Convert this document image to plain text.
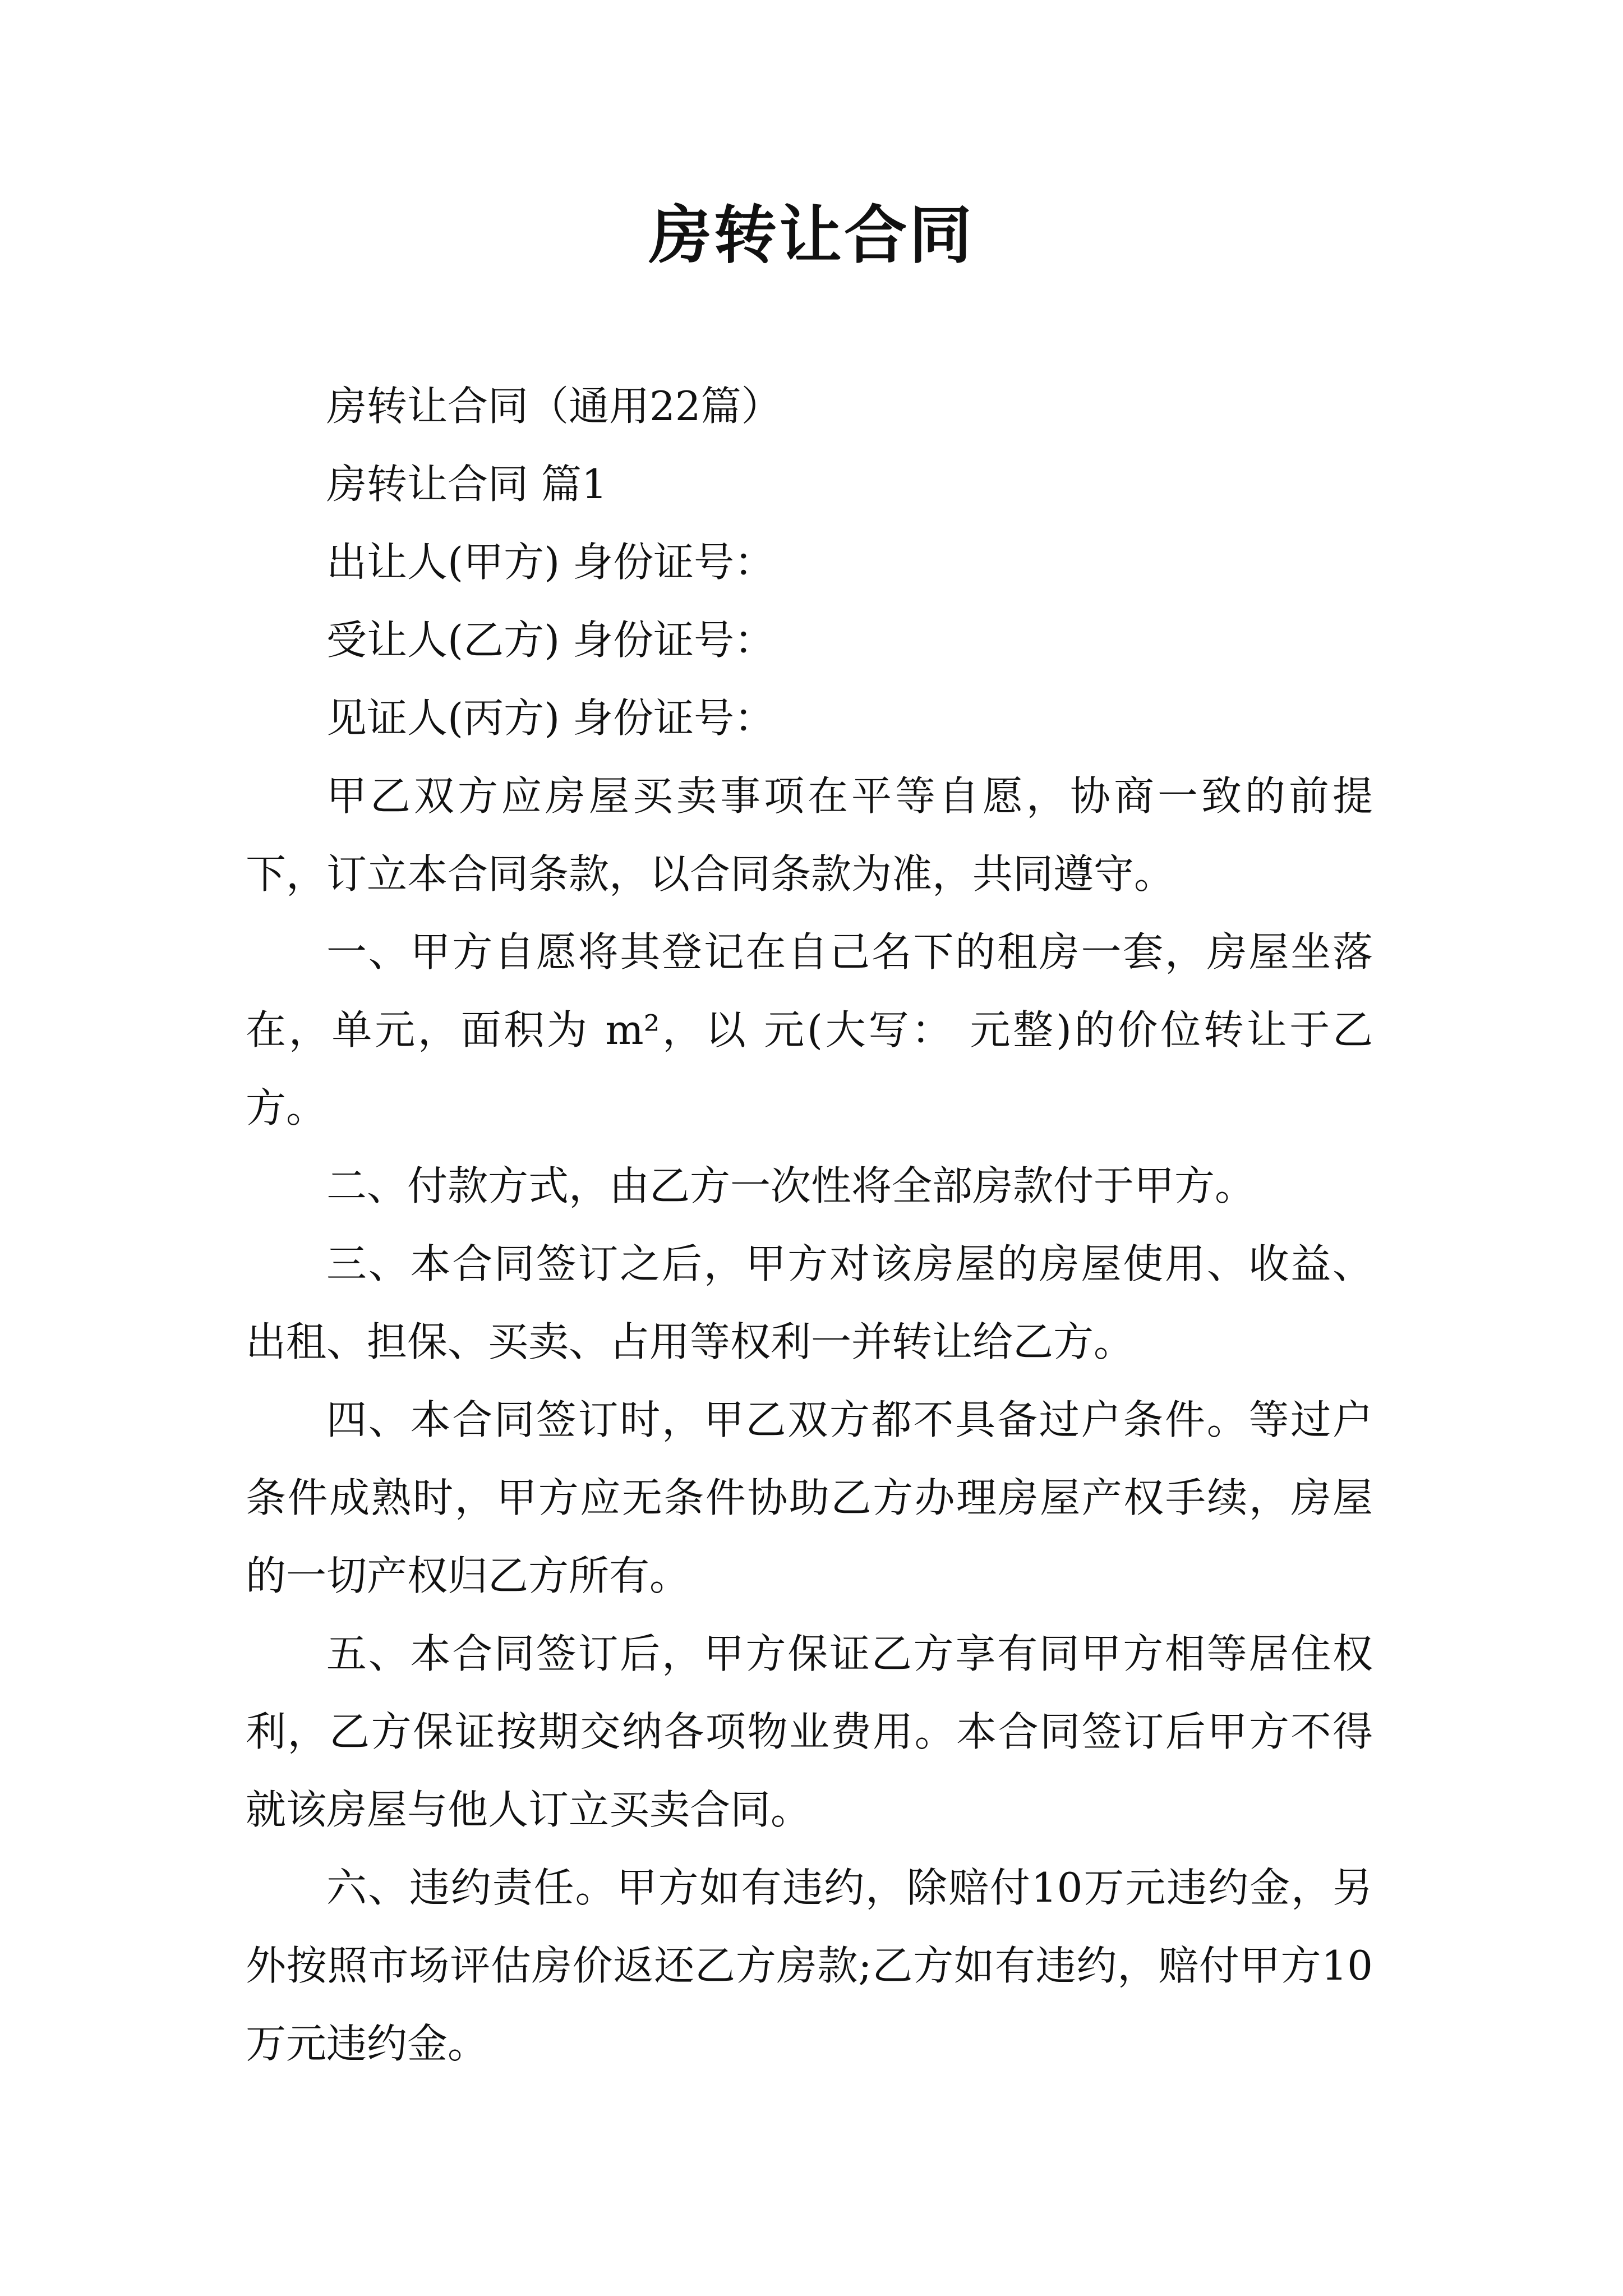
房转让合同

房转让合同（通用22篇）

房转让合同 篇1

出让人(甲方) 身份证号：

受让人(乙方) 身份证号：

见证人(丙方) 身份证号：

甲乙双方应房屋买卖事项在平等自愿，协商一致的前提下，订立本合同条款，以合同条款为准，共同遵守。

一、甲方自愿将其登记在自己名下的租房一套，房屋坐落在，单元，面积为 m²，以 元(大写： 元整)的价位转让于乙方。

二、付款方式，由乙方一次性将全部房款付于甲方。

三、本合同签订之后，甲方对该房屋的房屋使用、收益、出租、担保、买卖、占用等权利一并转让给乙方。

四、本合同签订时，甲乙双方都不具备过户条件。等过户条件成熟时，甲方应无条件协助乙方办理房屋产权手续，房屋的一切产权归乙方所有。

五、本合同签订后，甲方保证乙方享有同甲方相等居住权利，乙方保证按期交纳各项物业费用。本合同签订后甲方不得就该房屋与他人订立买卖合同。

六、违约责任。甲方如有违约，除赔付10万元违约金，另外按照市场评估房价返还乙方房款;乙方如有违约，赔付甲方10万元违约金。
